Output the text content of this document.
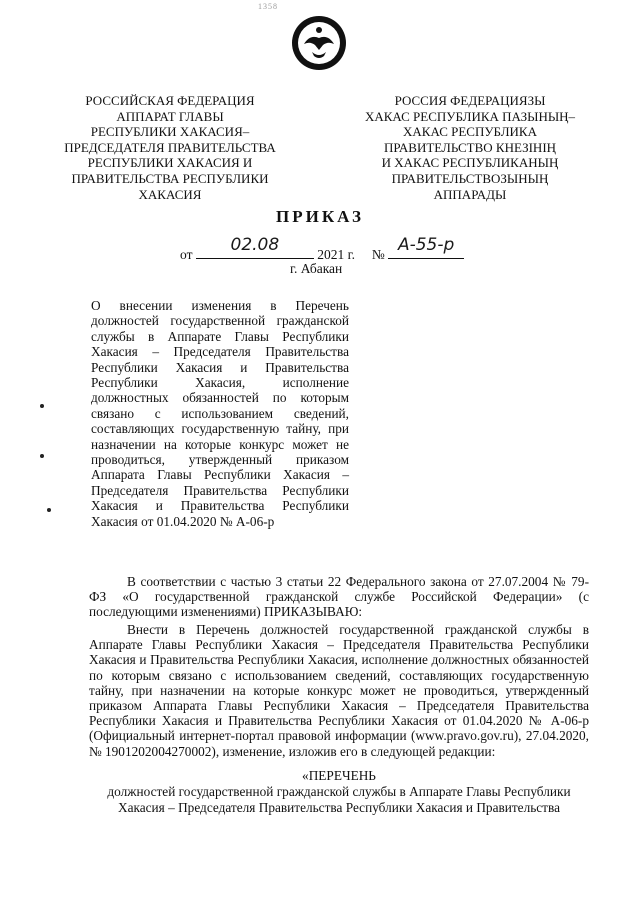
1358
РОССИЙСКАЯ ФЕДЕРАЦИЯ
АППАРАТ ГЛАВЫ
РЕСПУБЛИКИ ХАКАСИЯ–
ПРЕДСЕДАТЕЛЯ ПРАВИТЕЛЬСТВА
РЕСПУБЛИКИ ХАКАСИЯ И
ПРАВИТЕЛЬСТВА РЕСПУБЛИКИ
ХАКАСИЯ
РОССИЯ ФЕДЕРАЦИЯЗЫ
ХАКАС РЕСПУБЛИКА ПАЗЫНЫҢ–
ХАКАС РЕСПУБЛИКА
ПРАВИТЕЛЬСТВО КНЕЗIНIҢ
И ХАКАС РЕСПУБЛИКАНЫҢ
ПРАВИТЕЛЬСТВОЗЫНЫҢ
АППАРАДЫ
ПРИКАЗ
от	02.08	2021 г. № А-55-р
г. Абакан

О внесении изменения в Перечень должностей государственной гражданской службы в Аппарате Главы Республики Хакасия – Председателя Правительства Республики Хакасия и Правительства Республики Хакасия, исполнение должностных обязанностей по которым связано с использованием сведений, составляющих государственную тайну, при назначении на которые конкурс может не проводиться, утвержденный приказом Аппарата Главы Республики Хакасия – Председателя Правительства Республики Хакасия и Правительства Республики Хакасия от 01.04.2020 № А-06-р

В соответствии с частью 3 статьи 22 Федерального закона от 27.07.2004 № 79-ФЗ «О государственной гражданской службе Российской Федерации» (с последующими изменениями) ПРИКАЗЫВАЮ:

Внести в Перечень должностей государственной гражданской службы в Аппарате Главы Республики Хакасия – Председателя Правительства Республики Хакасия и Правительства Республики Хакасия, исполнение должностных обязанностей по которым связано с использованием сведений, составляющих государственную тайну, при назначении на которые конкурс может не проводиться, утвержденный приказом Аппарата Главы Республики Хакасия – Председателя Правительства Республики Хакасия и Правительства Республики Хакасия от 01.04.2020 № А-06-р (Официальный интернет-портал правовой информации (www.pravo.gov.ru), 27.04.2020, № 1901202004270002), изменение, изложив его в следующей редакции:

«ПЕРЕЧЕНЬ
должностей государственной гражданской службы в Аппарате Главы Республики
Хакасия – Председателя Правительства Республики Хакасия и Правительства
